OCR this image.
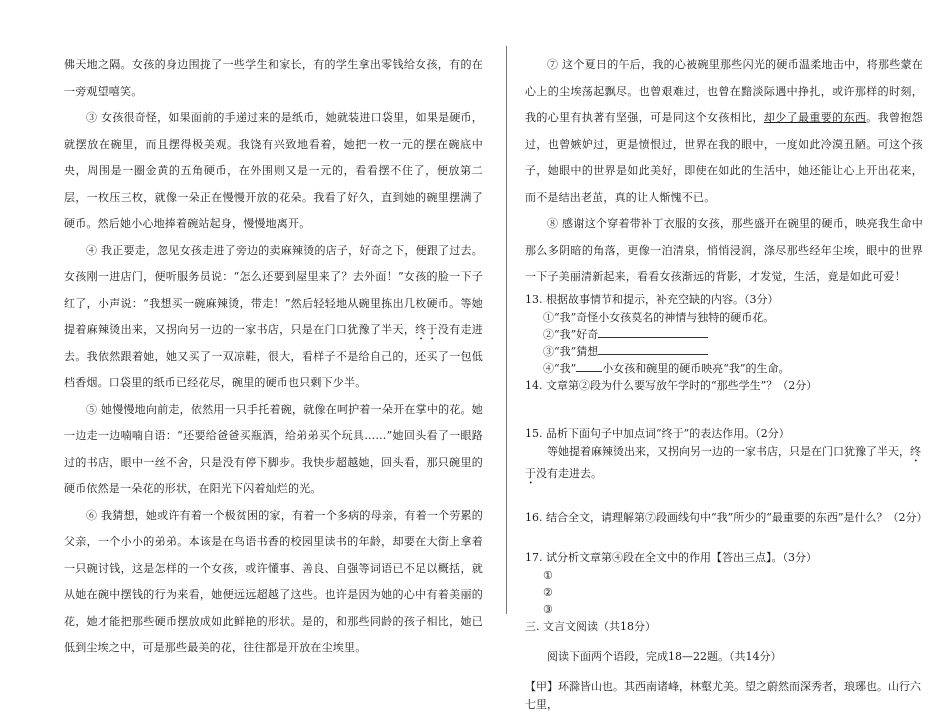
佛天地之隔。女孩的身边围拢了一些学生和家长，有的学生拿出零钱给女孩，有的在一旁观望嘻笑。

③ 女孩很奇怪，如果面前的手递过来的是纸币，她就装进口袋里，如果是硬币，就摆放在碗里，而且摆得极美观。我饶有兴致地看着，她把一枚一元的摆在碗底中央，周围是一圈金黄的五角硬币，在外围则又是一元的，看看摆不住了，便放第二层，一枚压三枚，就像一朵正在慢慢开放的花朵。我看了好久，直到她的碗里摆满了硬币。然后她小心地捧着碗站起身，慢慢地离开。

④ 我正要走，忽见女孩走进了旁边的卖麻辣烫的店子，好奇之下，便跟了过去。女孩刚一进店门，便听服务员说：“怎么还要到屋里来了？去外面！”女孩的脸一下子红了，小声说：“我想买一碗麻辣烫，带走！”然后轻轻地从碗里拣出几枚硬币。等她提着麻辣烫出来，又拐向另一边的一家书店，只是在门口犹豫了半天，终于没有走进去。我依然跟着她，她又买了一双凉鞋，很大，看样子不是给自己的，还买了一包低档香烟。口袋里的纸币已经花尽，碗里的硬币也只剩下少半。

⑤ 她慢慢地向前走，依然用一只手托着碗，就像在呵护着一朵开在掌中的花。她一边走一边喃喃自语：“还要给爸爸买瓶酒，给弟弟买个玩具……”她回头看了一眼路过的书店，眼中一丝不舍，只是没有停下脚步。我快步超越她，回头看，那只碗里的硬币依然是一朵花的形状，在阳光下闪着灿烂的光。

⑥ 我猜想，她或许有着一个极贫困的家，有着一个多病的母亲，有着一个劳累的父亲，一个小小的弟弟。本该是在鸟语书香的校园里读书的年龄，却要在大街上拿着一只碗讨钱，这是怎样的一个女孩，或许懂事、善良、自强等词语已不足以概括，就从她在碗中摆钱的行为来看，她便远远超越了这些。也许是因为她的心中有着美丽的花，她才能把那些硬币摆放成如此鲜艳的形状。是的，和那些同龄的孩子相比，她已低到尘埃之中，可是那些最美的花，往往都是开放在尘埃里。

⑦ 这个夏日的午后，我的心被碗里那些闪光的硬币温柔地击中，将那些蒙在心上的尘埃荡起飘尽。也曾艰难过，也曾在黯淡际遇中挣扎，或许那样的时刻，我的心里有执著有坚强，可是同这个女孩相比，却少了最重要的东西。我曾抱怨过，也曾嫉妒过，更是愤恨过，世界在我的眼中，一度如此冷漠丑陋。可这个孩子，她眼中的世界是如此美好，即使在如此的生活中，她还能让心上开出花来，而不是结出老茧，真的让人惭愧不已。

⑧ 感谢这个穿着带补丁衣服的女孩，那些盛开在碗里的硬币，映亮我生命中那么多阴暗的角落，更像一泊清泉，悄悄浸润，涤尽那些经年尘埃，眼中的世界一下子美丽清新起来，看看女孩渐远的背影，才发觉，生活，竟是如此可爱！

13. 根据故事情节和提示，补充空缺的内容。（3分）

①“我”奇怪小女孩莫名的神情与独特的硬币花。

②“我”好奇

③“我”猜想

④“我” 小女孩和碗里的硬币映亮“我”的生命。

14. 文章第②段为什么要写放午学时的“那些学生”？（2分）

15. 品析下面句子中加点词“终于”的表达作用。（2分）

等她提着麻辣烫出来，又拐向另一边的一家书店，只是在门口犹豫了半天，终于没有走进去。

16. 结合全文，请理解第⑦段画线句中“我”所少的“最重要的东西”是什么？（2分）

17. 试分析文章第④段在全文中的作用【答出三点】。（3分）

①

②

③

三. 文言文阅读（共18分）

阅读下面两个语段，完成18—22题。（共14分）

【甲】环滁皆山也。其西南诸峰，林壑尤美。望之蔚然而深秀者，琅琊也。山行六七里，
